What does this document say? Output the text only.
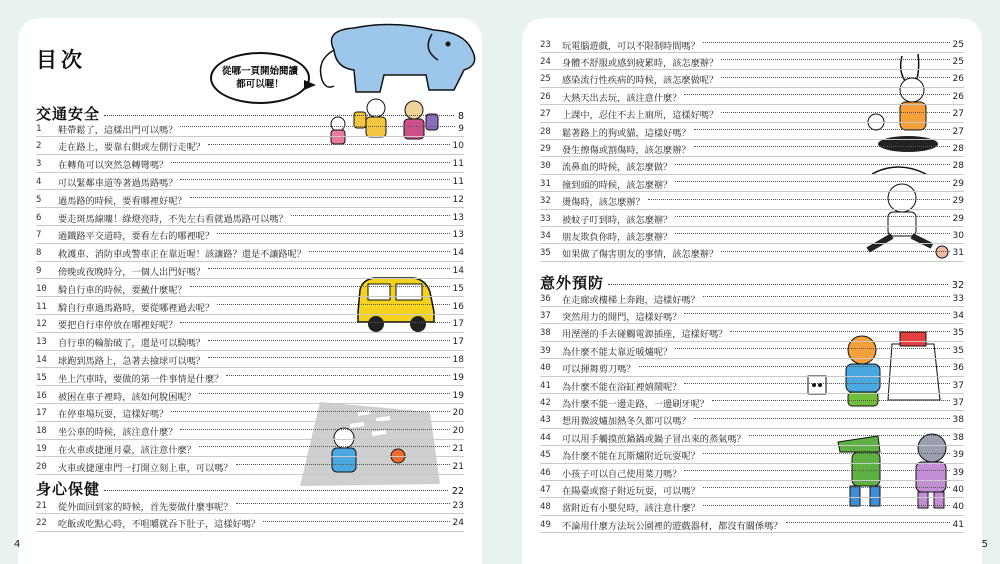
目次	從哪一頁開始閱讀
都可以喔！
4	5
交通安全	8
1	鞋帶鬆了，這樣出門可以嗎？	9
2	走在路上，要靠右側或左側行走呢？	10
3	在轉角可以突然急轉彎嗎？	11
4	可以緊鄰車道等著過馬路嗎？	11
5	過馬路的時候，要看哪裡好呢？	12
6	要走斑馬線嘍！綠燈亮時，不先左右看就過馬路可以嗎？	13
7	過鐵路平交道時，要看左右的哪裡呢？	13
8	救護車、消防車或警車正在靠近喔！該讓路？還是不讓路呢？	14
9	傍晚或夜晚時分，一個人出門好嗎？	14
10	騎自行車的時候，要戴什麼呢？	15
11	騎自行車過馬路時，要從哪裡過去呢？	16
12	要把自行車停放在哪裡好呢？	17
13	自行車的輪胎破了，還是可以騎嗎？	17
14	球跑到馬路上，急著去撿球可以嗎？	18
15	坐上汽車時，要做的第一件事情是什麼？	19
16	被困在車子裡時，該如何脫困呢？	19
17	在停車場玩耍，這樣好嗎？	20
18	坐公車的時候，該注意什麼？	20
19	在火車或捷運月臺，該注意什麼？	21
20	火車或捷運車門一打開立刻上車，可以嗎？	21
身心保健	22
21	從外面回到家的時候，首先要做什麼事呢？	23
22	吃飯或吃點心時，不咀嚼就吞下肚子，這樣好嗎？	24
23	玩電腦遊戲，可以不限制時間嗎？	25
24	身體不舒服或感到疲累時，該怎麼辦？	25
25	感染流行性疾病的時候，該怎麼做呢？	26
26	大熱天出去玩，該注意什麼？	26
27	上課中，忍住不去上廁所，這樣好嗎？	27
28	鬆著路上的狗或貓，這樣好嗎？	27
29	發生擦傷或割傷時，該怎麼辦？	28
30	流鼻血的時候，該怎麼做？	28
31	撞到頭的時候，該怎麼辦？	29
32	燙傷時，該怎麼辦？	29
33	被蚊子叮到時，該怎麼辦？	29
34	朋友欺負你時，該怎麼辦？	30
35	如果做了傷害朋友的事情，該怎麼辦？	31
意外預防	32
36	在走廊或樓梯上奔跑，這樣好嗎？	33
37	突然用力的開門，這樣好嗎？	34
38	用溼溼的手去碰觸電源插座，這樣好嗎？	35
39	為什麼不能太靠近暖爐呢？	35
40	可以揮舞剪刀嗎？	36
41	為什麼不能在浴缸裡嬉鬧呢？	37
42	為什麼不能一邊走路，一邊刷牙呢？	37
43	想用微波爐加熱冬久都可以嗎？	38
44	可以用手觸摸煎鍋鍋或鍋子冒出來的蒸氣嗎？	38
45	為什麼不能在瓦斯爐附近玩耍呢？	39
46	小孩子可以自己使用菜刀嗎？	39
47	在陽臺或窗子附近玩耍，可以嗎？	40
48	當附近有小嬰兒時，該注意什麼？	40
49	不論用什麼方法玩公園裡的遊戲器材，都沒有關係嗎？	41
